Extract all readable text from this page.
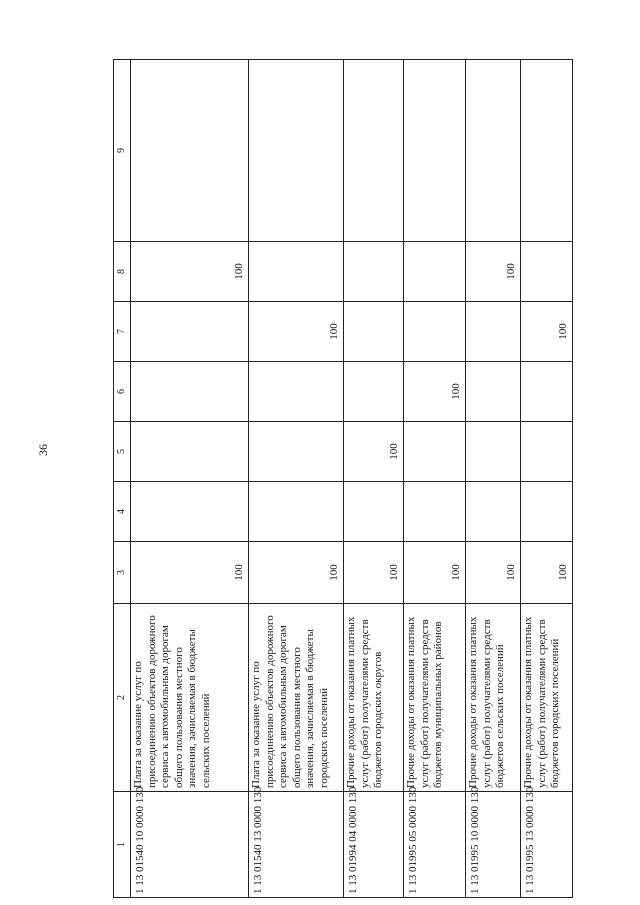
36
1	2	3	4	5	6	7	8	9
1 13 01540 10 0000 130	Плата за оказание услуг по присоединению объектов дорожного сервиса к автомобильным дорогам общего пользования местного значения, зачисляемая в бюджеты сельских поселений	100					100	
1 13 01540 13 0000 130	Плата за оказание услуг по присоединению объектов дорожного сервиса к автомобильным дорогам общего пользования местного значения, зачисляемая в бюджеты городских поселений	100				100		
1 13 01994 04 0000 130	Прочие доходы от оказания платных услуг (работ) получателями средств бюджетов городских округов	100		100				
1 13 01995 05 0000 130	Прочие доходы от оказания платных услуг (работ) получателями средств бюджетов муниципальных районов	100			100			
1 13 01995 10 0000 130	Прочие доходы от оказания платных услуг (работ) получателями средств бюджетов сельских поселений	100					100	
1 13 01995 13 0000 130	Прочие доходы от оказания платных услуг (работ) получателями средств бюджетов городских поселений	100				100		
